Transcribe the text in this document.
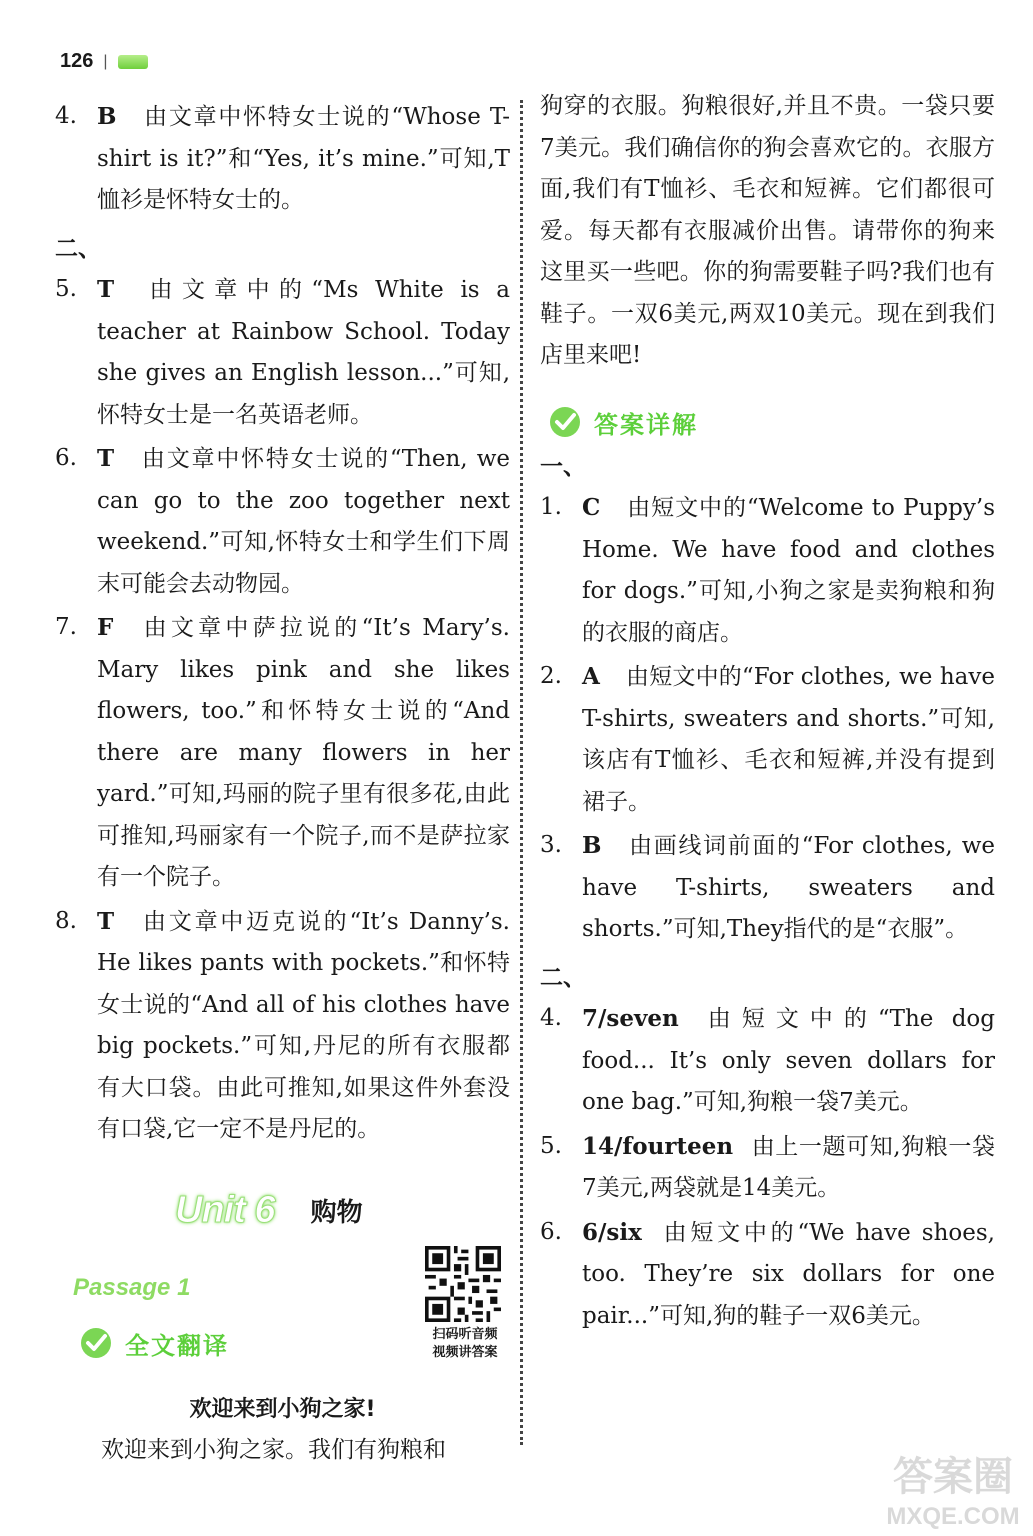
126 |
4. B 由文章中怀特女士说的“Whose T-shirt is it?”和“Yes, it’s mine.”可知,T恤衫是怀特女士的。
二、
5. T 由文章中的“Ms White is a teacher at Rainbow School. Today she gives an English lesson...”可知,怀特女士是一名英语老师。
6. T 由文章中怀特女士说的“Then, we can go to the zoo together next weekend.”可知,怀特女士和学生们下周末可能会去动物园。
7. F 由文章中萨拉说的“It’s Mary’s. Mary likes pink and she likes flowers, too.”和怀特女士说的“And there are many flowers in her yard.”可知,玛丽的院子里有很多花,由此可推知,玛丽家有一个院子,而不是萨拉家有一个院子。
8. T 由文章中迈克说的“It’s Danny’s. He likes pants with pockets.”和怀特女士说的“And all of his clothes have big pockets.”可知,丹尼的所有衣服都有大口袋。由此可推知,如果这件外套没有口袋,它一定不是丹尼的。
Unit 6 购物
Passage 1
全文翻译	扫码听音频
视频讲答案
欢迎来到小狗之家!

欢迎来到小狗之家。我们有狗粮和

狗穿的衣服。狗粮很好,并且不贵。一袋只要7美元。我们确信你的狗会喜欢它的。衣服方面,我们有T恤衫、毛衣和短裤。它们都很可爱。每天都有衣服减价出售。请带你的狗来这里买一些吧。你的狗需要鞋子吗?我们也有鞋子。一双6美元,两双10美元。现在到我们店里来吧!

答案详解
一、
1. C 由短文中的“Welcome to Puppy’s Home. We have food and clothes for dogs.”可知,小狗之家是卖狗粮和狗的衣服的商店。
2. A 由短文中的“For clothes, we have T-shirts, sweaters and shorts.”可知,该店有T恤衫、毛衣和短裤,并没有提到裙子。
3. B 由画线词前面的“For clothes, we have T-shirts, sweaters and shorts.”可知,They指代的是“衣服”。
二、
4. 7/seven 由短文中的“The dog food... It’s only seven dollars for one bag.”可知,狗粮一袋7美元。
5. 14/fourteen 由上一题可知,狗粮一袋7美元,两袋就是14美元。
6. 6/six 由短文中的“We have shoes, too. They’re six dollars for one pair...”可知,狗的鞋子一双6美元。
答案圈
MXQE.COM
